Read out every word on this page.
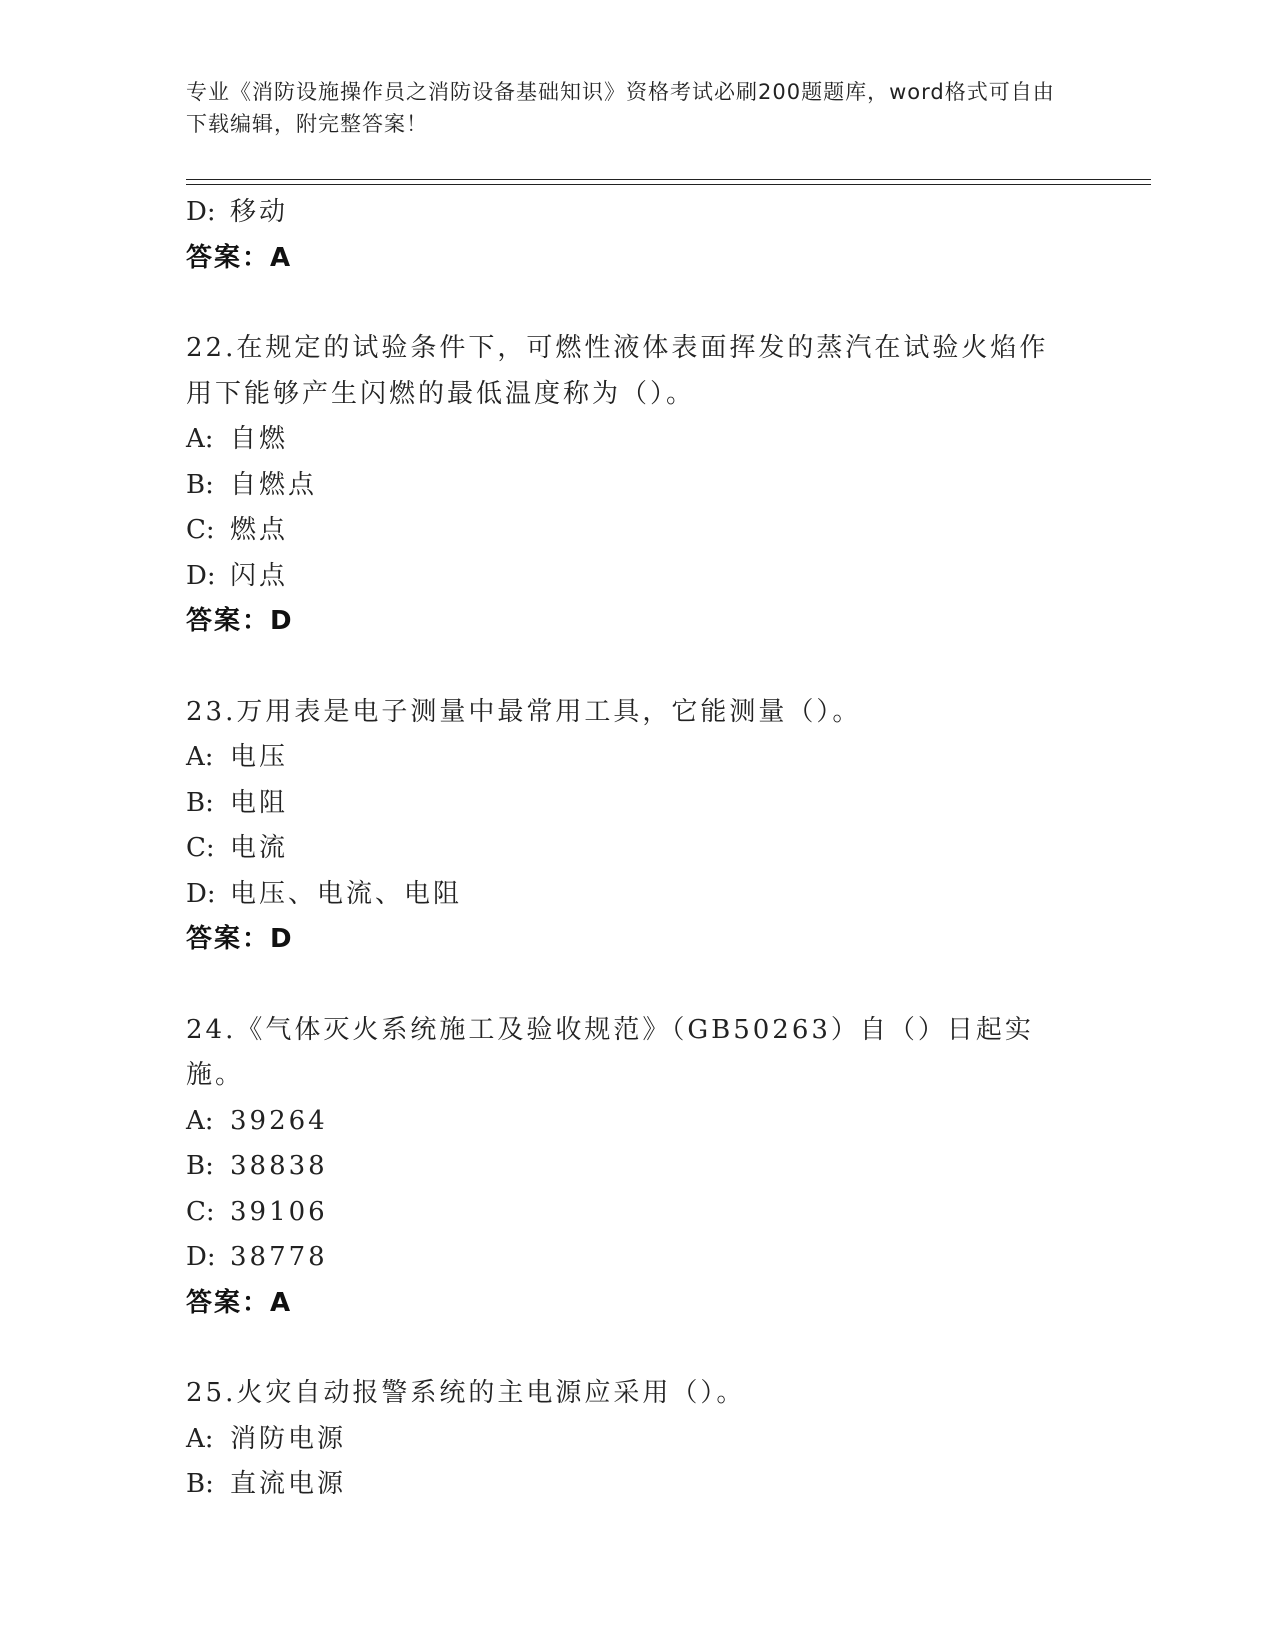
专业《消防设施操作员之消防设备基础知识》资格考试必刷200题题库，word格式可自由下载编辑，附完整答案！
D: 移动
答案：A
22.在规定的试验条件下，可燃性液体表面挥发的蒸汽在试验火焰作用下能够产生闪燃的最低温度称为（）。
A: 自燃
B: 自燃点
C: 燃点
D: 闪点
答案：D
23.万用表是电子测量中最常用工具，它能测量（）。
A: 电压
B: 电阻
C: 电流
D: 电压、电流、电阻
答案：D
24.《气体灭火系统施工及验收规范》（GB50263）自（）日起实施。
A: 39264
B: 38838
C: 39106
D: 38778
答案：A
25.火灾自动报警系统的主电源应采用（）。
A: 消防电源
B: 直流电源
